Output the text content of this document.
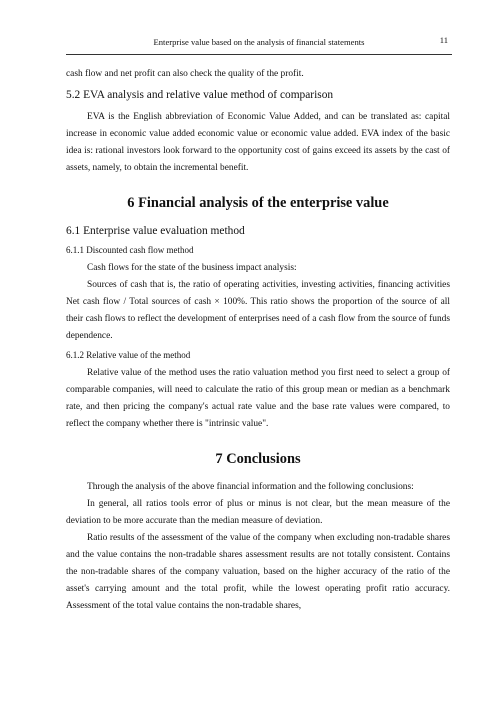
Enterprise value based on the analysis of financial statements	11

cash flow and net profit can also check the quality of the profit.

5.2 EVA analysis and relative value method of comparison

EVA is the English abbreviation of Economic Value Added, and can be translated as: capital increase in economic value added economic value or economic value added. EVA index of the basic idea is: rational investors look forward to the opportunity cost of gains exceed its assets by the cast of assets, namely, to obtain the incremental benefit.

6 Financial analysis of the enterprise value
6.1 Enterprise value evaluation method
6.1.1 Discounted cash flow method

Cash flows for the state of the business impact analysis:

Sources of cash that is, the ratio of operating activities, investing activities, financing activities Net cash flow / Total sources of cash × 100%. This ratio shows the proportion of the source of all their cash flows to reflect the development of enterprises need of a cash flow from the source of funds dependence.

6.1.2 Relative value of the method

Relative value of the method uses the ratio valuation method you first need to select a group of comparable companies, will need to calculate the ratio of this group mean or median as a benchmark rate, and then pricing the company's actual rate value and the base rate values were compared, to reflect the company whether there is "intrinsic value".

7 Conclusions

Through the analysis of the above financial information and the following conclusions:

In general, all ratios tools error of plus or minus is not clear, but the mean measure of the deviation to be more accurate than the median measure of deviation.

Ratio results of the assessment of the value of the company when excluding non-tradable shares and the value contains the non-tradable shares assessment results are not totally consistent. Contains the non-tradable shares of the company valuation, based on the higher accuracy of the ratio of the asset's carrying amount and the total profit, while the lowest operating profit ratio accuracy. Assessment of the total value contains the non-tradable shares,
